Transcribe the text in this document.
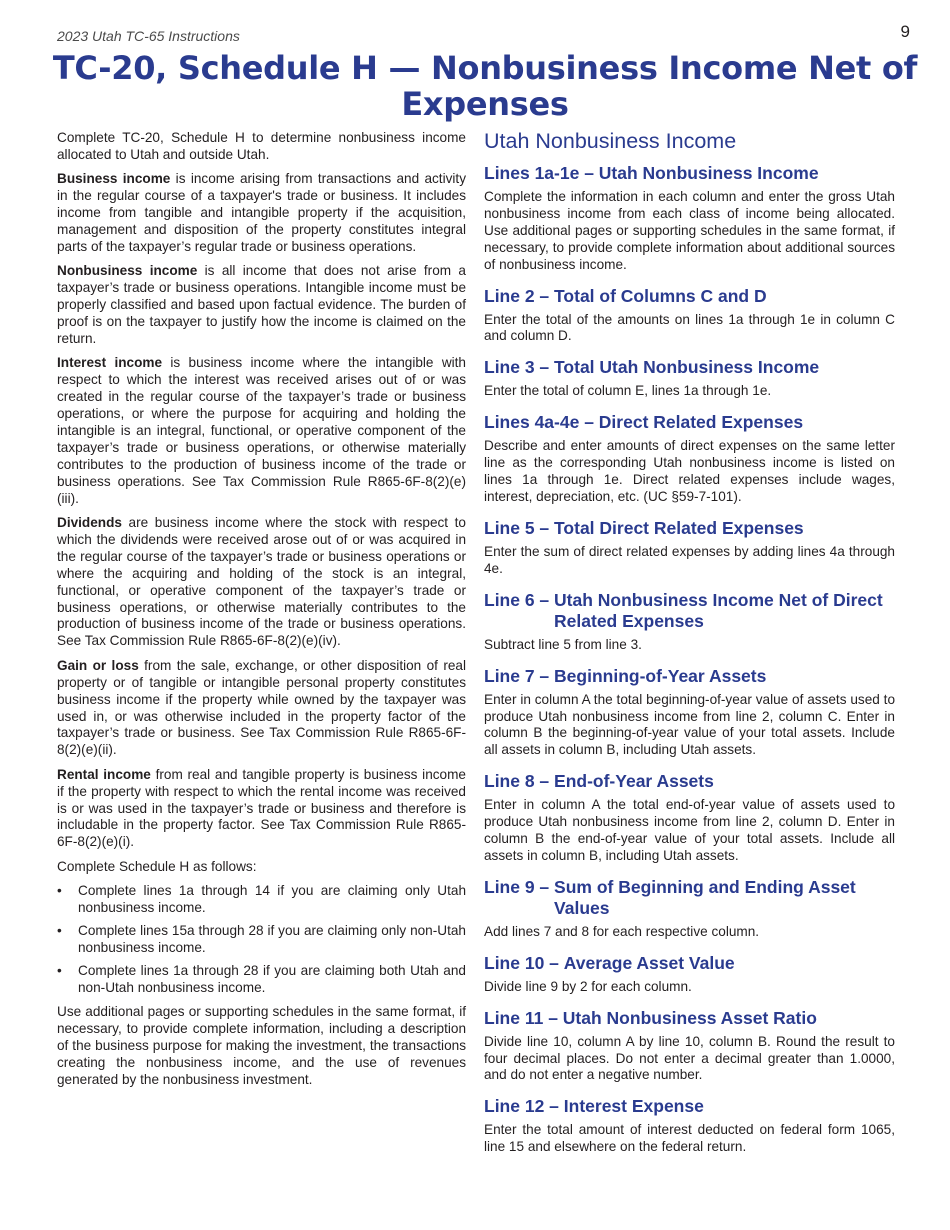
2023 Utah TC-65 Instructions	9
TC-20, Schedule H — Nonbusiness Income Net of Expenses

Complete TC-20, Schedule H to determine nonbusiness income allocated to Utah and outside Utah.

Business income is income arising from transactions and activity in the regular course of a taxpayer's trade or business. It includes income from tangible and intangible property if the acquisition, management and disposition of the property constitutes integral parts of the taxpayer’s regular trade or business operations.

Nonbusiness income is all income that does not arise from a taxpayer’s trade or business operations. Intangible income must be properly classified and based upon factual evidence. The burden of proof is on the taxpayer to justify how the income is claimed on the return.

Interest income is business income where the intangible with respect to which the interest was received arises out of or was created in the regular course of the taxpayer’s trade or business operations, or where the purpose for acquiring and holding the intangible is an integral, functional, or operative component of the taxpayer’s trade or business operations, or otherwise materially contributes to the production of business income of the trade or business operations. See Tax Commission Rule R865-6F-8(2)(e)(iii).

Dividends are business income where the stock with respect to which the dividends were received arose out of or was acquired in the regular course of the taxpayer’s trade or business operations or where the acquiring and holding of the stock is an integral, functional, or operative component of the taxpayer’s trade or business operations, or otherwise materially contributes to the production of business income of the trade or business operations. See Tax Commission Rule R865-6F-8(2)(e)(iv).

Gain or loss from the sale, exchange, or other disposition of real property or of tangible or intangible personal property constitutes business income if the property while owned by the taxpayer was used in, or was otherwise included in the property factor of the taxpayer’s trade or business. See Tax Commission Rule R865-6F-8(2)(e)(ii).

Rental income from real and tangible property is business income if the property with respect to which the rental income was received is or was used in the taxpayer’s trade or business and therefore is includable in the property factor. See Tax Commission Rule R865-6F-8(2)(e)(i).

Complete Schedule H as follows:

• Complete lines 1a through 14 if you are claiming only Utah nonbusiness income.
• Complete lines 15a through 28 if you are claiming only non-Utah nonbusiness income.
• Complete lines 1a through 28 if you are claiming both Utah and non-Utah nonbusiness income.

Use additional pages or supporting schedules in the same format, if necessary, to provide complete information, including a description of the business purpose for making the investment, the transactions creating the nonbusiness income, and the use of revenues generated by the nonbusiness investment.

Utah Nonbusiness Income
Lines 1a-1e – Utah Nonbusiness Income

Complete the information in each column and enter the gross Utah nonbusiness income from each class of income being allocated. Use additional pages or supporting schedules in the same format, if necessary, to provide complete information about additional sources of nonbusiness income.

Line 2 – Total of Columns C and D

Enter the total of the amounts on lines 1a through 1e in column C and column D.

Line 3 – Total Utah Nonbusiness Income

Enter the total of column E, lines 1a through 1e.

Lines 4a-4e – Direct Related Expenses

Describe and enter amounts of direct expenses on the same letter line as the corresponding Utah nonbusiness income is listed on lines 1a through 1e. Direct related expenses include wages, interest, depreciation, etc. (UC §59-7-101).

Line 5 – Total Direct Related Expenses

Enter the sum of direct related expenses by adding lines 4a through 4e.

Line 6 – Utah Nonbusiness Income Net of Direct Related Expenses

Subtract line 5 from line 3.

Line 7 – Beginning-of-Year Assets

Enter in column A the total beginning-of-year value of assets used to produce Utah nonbusiness income from line 2, column C. Enter in column B the beginning-of-year value of your total assets. Include all assets in column B, including Utah assets.

Line 8 – End-of-Year Assets

Enter in column A the total end-of-year value of assets used to produce Utah nonbusiness income from line 2, column D. Enter in column B the end-of-year value of your total assets. Include all assets in column B, including Utah assets.

Line 9 – Sum of Beginning and Ending Asset Values

Add lines 7 and 8 for each respective column.

Line 10 – Average Asset Value

Divide line 9 by 2 for each column.

Line 11 – Utah Nonbusiness Asset Ratio

Divide line 10, column A by line 10, column B. Round the result to four decimal places. Do not enter a decimal greater than 1.0000, and do not enter a negative number.

Line 12 – Interest Expense

Enter the total amount of interest deducted on federal form 1065, line 15 and elsewhere on the federal return.
